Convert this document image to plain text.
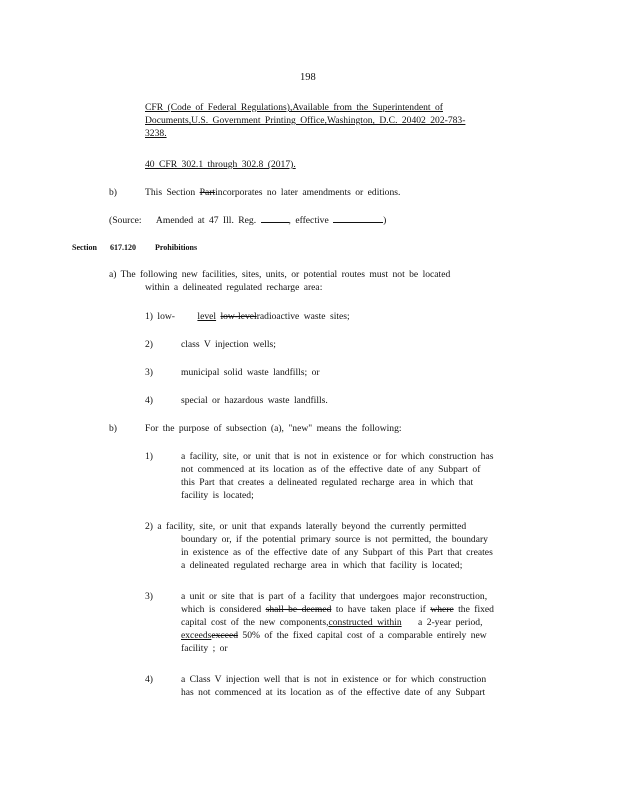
198
CFR (Code of Federal Regulations),Available from the Superintendent of
Documents,U.S. Government Printing Office,Washington, D.C. 20402 202-783-
3238.
40 CFR 302.1 through 302.8 (2017).
b)	This Section Partincorporates no later amendments or editions.
(Source: Amended at 47 Ill. Reg.	, effective	)
Section 617.120 Prohibitions
a) The following new facilities, sites, units, or potential routes must not be located
within a delineated regulated recharge area:
1) low- level low-levelradioactive waste sites;
2)	class V injection wells;
3)	municipal solid waste landfills; or
4)	special or hazardous waste landfills.
b)	For the purpose of subsection (a), "new" means the following:
1)	a facility, site, or unit that is not in existence or for which construction has
not commenced at its location as of the effective date of any Subpart of
this Part that creates a delineated regulated recharge area in which that
facility is located;
2) a facility, site, or unit that expands laterally beyond the currently permitted
boundary or, if the potential primary source is not permitted, the boundary
in existence as of the effective date of any Subpart of this Part that creates
a delineated regulated recharge area in which that facility is located;
3)	a unit or site that is part of a facility that undergoes major reconstruction,
which is considered shall be deemed to have taken place if where the fixed
capital cost of the new components,constructed within a 2-year period,
exceedsexceed 50% of the fixed capital cost of a comparable entirely new
facility ; or
4)	a Class V injection well that is not in existence or for which construction
has not commenced at its location as of the effective date of any Subpart
